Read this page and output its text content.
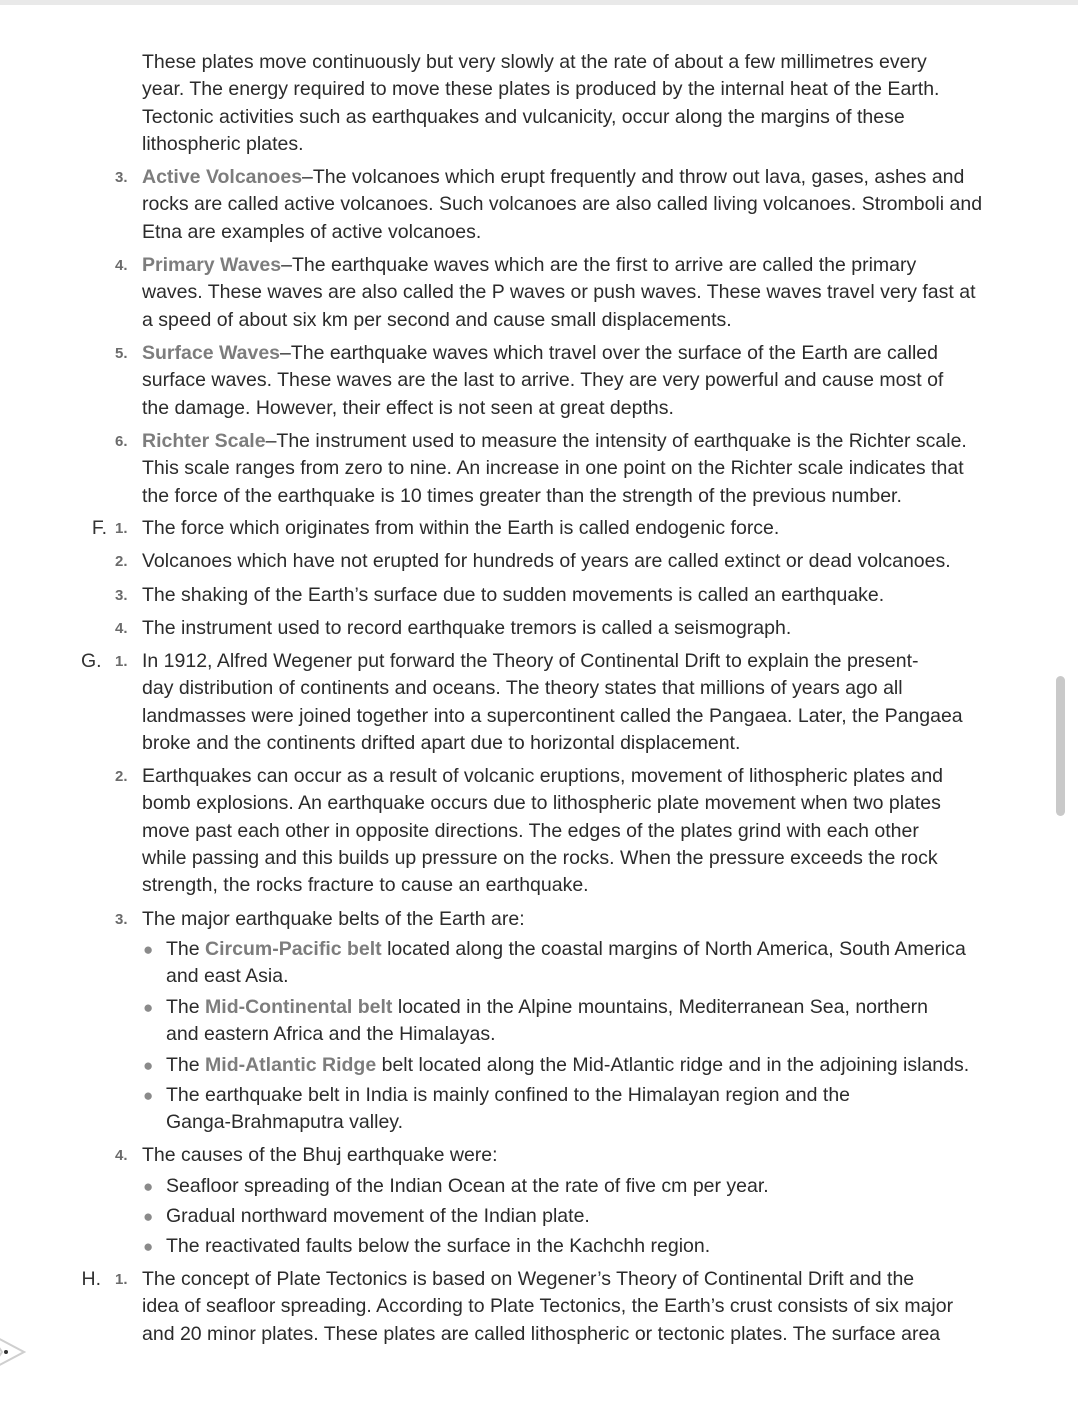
These plates move continuously but very slowly at the rate of about a few millimetres every
year. The energy required to move these plates is produced by the internal heat of the Earth.
Tectonic activities such as earthquakes and vulcanicity, occur along the margins of these
lithospheric plates.
3. Active Volcanoes–The volcanoes which erupt frequently and throw out lava, gases, ashes and
rocks are called active volcanoes. Such volcanoes are also called living volcanoes. Stromboli and
Etna are examples of active volcanoes.
4. Primary Waves–The earthquake waves which are the first to arrive are called the primary
waves. These waves are also called the P waves or push waves. These waves travel very fast at
a speed of about six km per second and cause small displacements.
5. Surface Waves–The earthquake waves which travel over the surface of the Earth are called
surface waves. These waves are the last to arrive. They are very powerful and cause most of
the damage. However, their effect is not seen at great depths.
6. Richter Scale–The instrument used to measure the intensity of earthquake is the Richter scale.
This scale ranges from zero to nine. An increase in one point on the Richter scale indicates that
the force of the earthquake is 10 times greater than the strength of the previous number.
F. 1. The force which originates from within the Earth is called endogenic force.
2. Volcanoes which have not erupted for hundreds of years are called extinct or dead volcanoes.
3. The shaking of the Earth’s surface due to sudden movements is called an earthquake.
4. The instrument used to record earthquake tremors is called a seismograph.
G. 1. In 1912, Alfred Wegener put forward the Theory of Continental Drift to explain the present-
day distribution of continents and oceans. The theory states that millions of years ago all
landmasses were joined together into a supercontinent called the Pangaea. Later, the Pangaea
broke and the continents drifted apart due to horizontal displacement.
2. Earthquakes can occur as a result of volcanic eruptions, movement of lithospheric plates and
bomb explosions. An earthquake occurs due to lithospheric plate movement when two plates
move past each other in opposite directions. The edges of the plates grind with each other
while passing and this builds up pressure on the rocks. When the pressure exceeds the rock
strength, the rocks fracture to cause an earthquake.
3. The major earthquake belts of the Earth are:
● The Circum-Pacific belt located along the coastal margins of North America, South America
and east Asia.
● The Mid-Continental belt located in the Alpine mountains, Mediterranean Sea, northern
and eastern Africa and the Himalayas.
● The Mid-Atlantic Ridge belt located along the Mid-Atlantic ridge and in the adjoining islands.
● The earthquake belt in India is mainly confined to the Himalayan region and the
Ganga-Brahmaputra valley.
4. The causes of the Bhuj earthquake were:
● Seafloor spreading of the Indian Ocean at the rate of five cm per year.
● Gradual northward movement of the Indian plate.
● The reactivated faults below the surface in the Kachchh region.
H. 1. The concept of Plate Tectonics is based on Wegener’s Theory of Continental Drift and the
idea of seafloor spreading. According to Plate Tectonics, the Earth’s crust consists of six major
and 20 minor plates. These plates are called lithospheric or tectonic plates. The surface area
